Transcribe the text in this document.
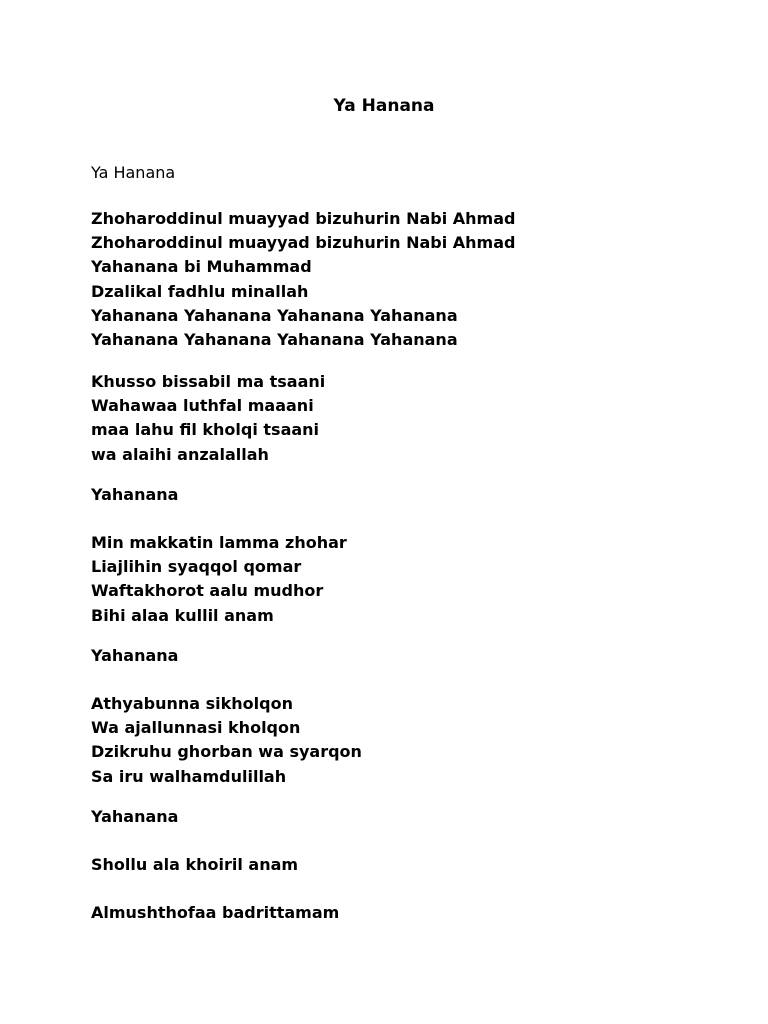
Ya Hanana

Ya Hanana

Zhoharoddinul muayyad bizuhurin Nabi Ahmad
Zhoharoddinul muayyad bizuhurin Nabi Ahmad
Yahanana bi Muhammad
Dzalikal fadhlu minallah
Yahanana Yahanana Yahanana Yahanana
Yahanana Yahanana Yahanana Yahanana
Khusso bissabil ma tsaani
Wahawaa luthfal maaani
maa lahu fil kholqi tsaani
wa alaihi anzalallah

Yahanana

Min makkatin lamma zhohar
Liajlihin syaqqol qomar
Waftakhorot aalu mudhor
Bihi alaa kullil anam

Yahanana

Athyabunna sikholqon
Wa ajallunnasi kholqon
Dzikruhu ghorban wa syarqon
Sa iru walhamdulillah

Yahanana

Shollu ala khoiril anam

Almushthofaa badrittamam
